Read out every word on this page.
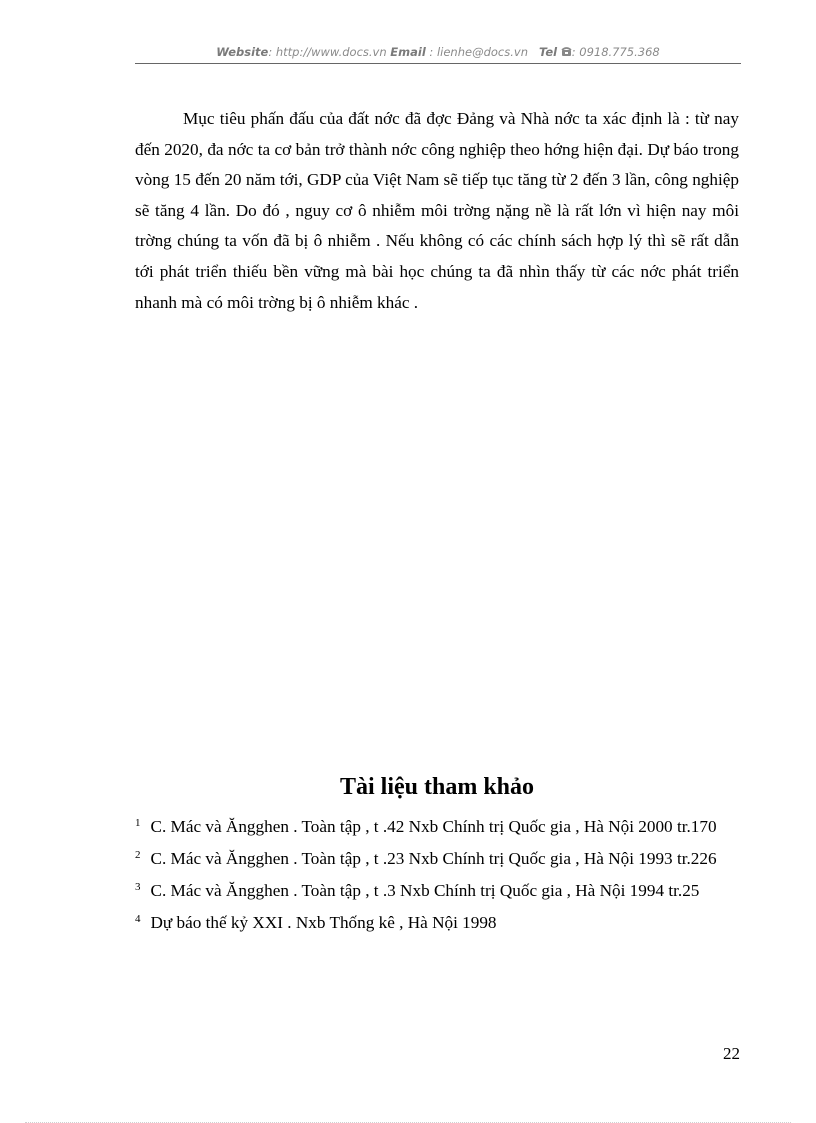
Website: http://www.docs.vn Email : lienhe@docs.vn Tel : 0918.775.368

Mục tiêu phấn đấu của đất nớc đã đợc Đảng và Nhà nớc ta xác định là : từ nay đến 2020, đa nớc ta cơ bản trở thành nớc công nghiệp theo hớng hiện đại. Dự báo trong vòng 15 đến 20 năm tới, GDP của Việt Nam sẽ tiếp tục tăng từ 2 đến 3 lần, công nghiệp sẽ tăng 4 lần. Do đó , nguy cơ ô nhiễm môi trờng nặng nề là rất lớn vì hiện nay môi trờng chúng ta vốn đã bị ô nhiễm . Nếu không có các chính sách hợp lý thì sẽ rất dẫn tới phát triển thiếu bền vững mà bài học chúng ta đã nhìn thấy từ các nớc phát triển nhanh mà có môi trờng bị ô nhiễm khác .

Tài liệu tham khảo
$^1$ C. Mác và Ăngghen . Toàn tập , t .42 Nxb Chính trị Quốc gia , Hà Nội 2000 tr.170
$^2$ C. Mác và Ăngghen . Toàn tập , t .23 Nxb Chính trị Quốc gia , Hà Nội 1993 tr.226
$^3$ C. Mác và Ăngghen . Toàn tập , t .3 Nxb Chính trị Quốc gia , Hà Nội 1994 tr.25
$^4$ Dự báo thế kỷ XXI . Nxb Thống kê , Hà Nội 1998
22
